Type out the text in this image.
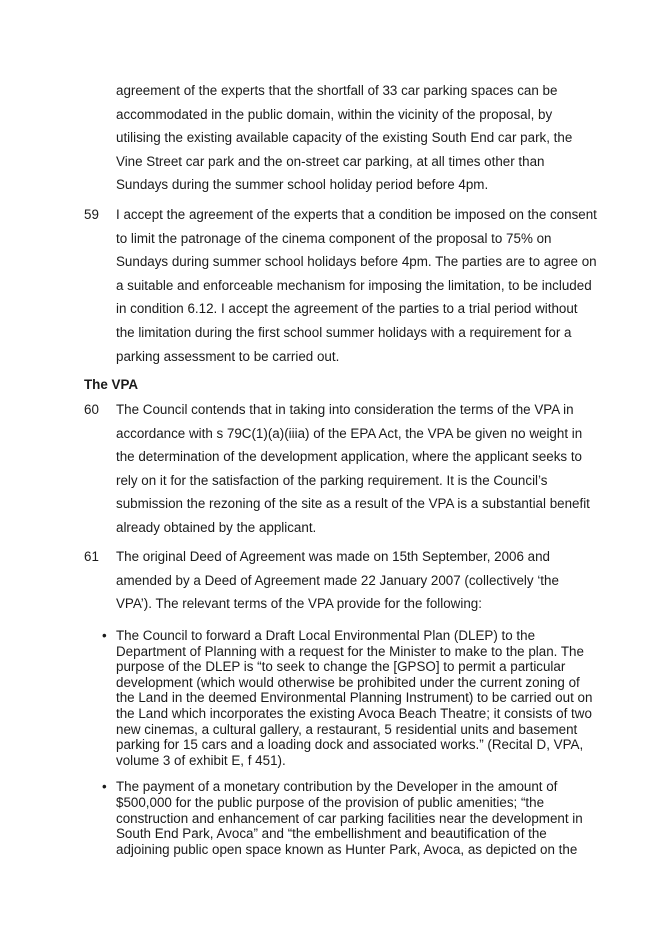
agreement of the experts that the shortfall of 33 car parking spaces can be accommodated in the public domain, within the vicinity of the proposal, by utilising the existing available capacity of the existing South End car park, the Vine Street car park and the on-street car parking, at all times other than Sundays during the summer school holiday period before 4pm.

59 I accept the agreement of the experts that a condition be imposed on the consent to limit the patronage of the cinema component of the proposal to 75% on Sundays during summer school holidays before 4pm. The parties are to agree on a suitable and enforceable mechanism for imposing the limitation, to be included in condition 6.12. I accept the agreement of the parties to a trial period without the limitation during the first school summer holidays with a requirement for a parking assessment to be carried out.

The VPA
60 The Council contends that in taking into consideration the terms of the VPA in accordance with s 79C(1)(a)(iiia) of the EPA Act, the VPA be given no weight in the determination of the development application, where the applicant seeks to rely on it for the satisfaction of the parking requirement. It is the Council’s submission the rezoning of the site as a result of the VPA is a substantial benefit already obtained by the applicant.

61 The original Deed of Agreement was made on 15th September, 2006 and amended by a Deed of Agreement made 22 January 2007 (collectively ‘the VPA’). The relevant terms of the VPA provide for the following:

• The Council to forward a Draft Local Environmental Plan (DLEP) to the Department of Planning with a request for the Minister to make to the plan. The purpose of the DLEP is “to seek to change the [GPSO] to permit a particular development (which would otherwise be prohibited under the current zoning of the Land in the deemed Environmental Planning Instrument) to be carried out on the Land which incorporates the existing Avoca Beach Theatre; it consists of two new cinemas, a cultural gallery, a restaurant, 5 residential units and basement parking for 15 cars and a loading dock and associated works.” (Recital D, VPA, volume 3 of exhibit E, f 451).

• The payment of a monetary contribution by the Developer in the amount of $500,000 for the public purpose of the provision of public amenities; “the construction and enhancement of car parking facilities near the development in South End Park, Avoca” and “the embellishment and beautification of the adjoining public open space known as Hunter Park, Avoca, as depicted on the
